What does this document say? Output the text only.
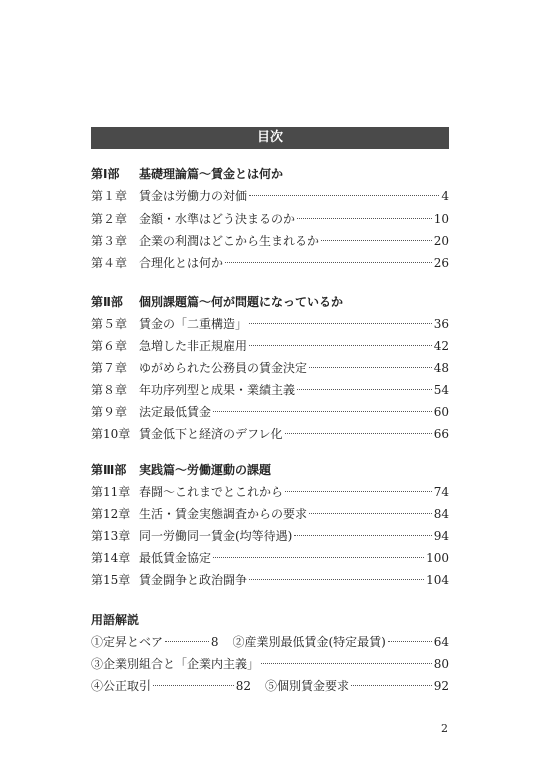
目次
第Ⅰ部 基礎理論篇〜賃金とは何か
第１章 賃金は労働力の対価	4
第２章 金額・水準はどう決まるのか	10
第３章 企業の利潤はどこから生まれるか	20
第４章 合理化とは何か	26
第Ⅱ部 個別課題篇〜何が問題になっているか
第５章 賃金の「二重構造」	36
第６章 急増した非正規雇用	42
第７章 ゆがめられた公務員の賃金決定	48
第８章 年功序列型と成果・業績主義	54
第９章 法定最低賃金	60
第10章 賃金低下と経済のデフレ化	66
第Ⅲ部 実践篇〜労働運動の課題
第11章 春闘〜これまでとこれから	74
第12章 生活・賃金実態調査からの要求	84
第13章 同一労働同一賃金(均等待遇)	94
第14章 最低賃金協定	100
第15章 賃金闘争と政治闘争	104
用語解説
①定昇とベア	8 ②産業別最低賃金(特定最賃)	64
③企業別組合と「企業内主義」	80
④公正取引	82 ⑤個別賃金要求	92
2
